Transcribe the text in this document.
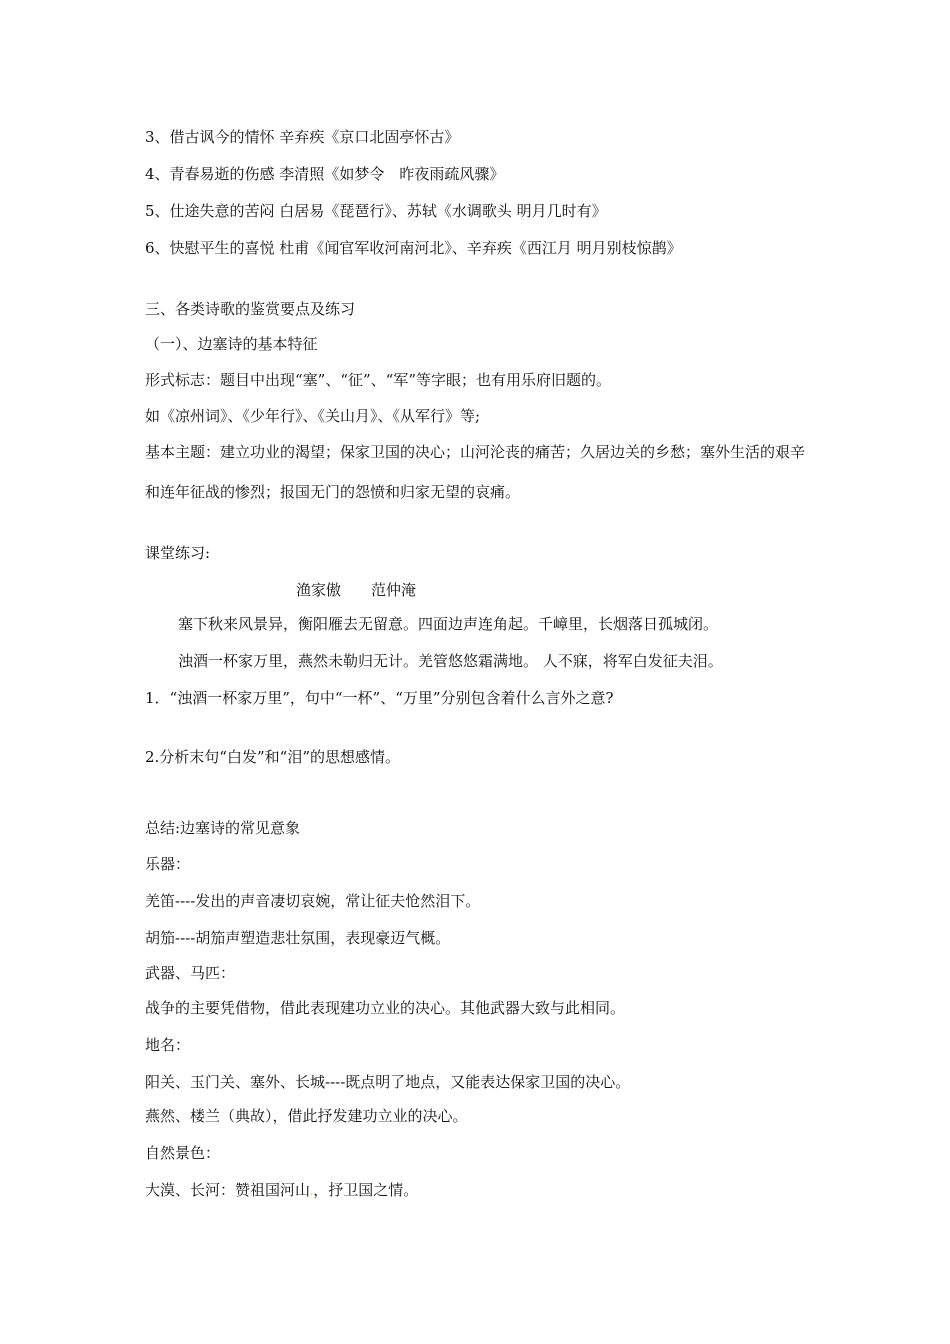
3、借古讽今的情怀 辛弃疾《京口北固亭怀古》
4、青春易逝的伤感 李清照《如梦令　昨夜雨疏风骤》
5、仕途失意的苦闷 白居易《琵琶行》、苏轼《水调歌头 明月几时有》
6、快慰平生的喜悦 杜甫《闻官军收河南河北》、辛弃疾《西江月 明月别枝惊鹊》
三、各类诗歌的鉴赏要点及练习
（一）、边塞诗的基本特征
形式标志：题目中出现“塞”、“征”、“军”等字眼；也有用乐府旧题的。
如《凉州词》、《少年行》、《关山月》、《从军行》等;
基本主题：建立功业的渴望；保家卫国的决心；山河沦丧的痛苦；久居边关的乡愁；塞外生活的艰辛和连年征战的惨烈；报国无门的怨愤和归家无望的哀痛。
课堂练习:
渔家傲　　范仲淹
塞下秋来风景异，衡阳雁去无留意。四面边声连角起。千嶂里，长烟落日孤城闭。
浊酒一杯家万里，燕然未勒归无计。羌管悠悠霜满地。 人不寐，将军白发征夫泪。
1．“浊酒一杯家万里”，句中“一杯”、“万里”分别包含着什么言外之意?
2.分析末句“白发”和“泪”的思想感情。
总结:边塞诗的常见意象
乐器：
羌笛----发出的声音凄切哀婉，常让征夫怆然泪下。
胡笳----胡笳声塑造悲壮氛围，表现豪迈气概。
武器、马匹：
战争的主要凭借物，借此表现建功立业的决心。其他武器大致与此相同。
地名：
阳关、玉门关、塞外、长城----既点明了地点，又能表达保家卫国的决心。
燕然、楼兰（典故），借此抒发建功立业的决心。
自然景色：
大漠、长河：赞祖国河山.，抒卫国之情。
